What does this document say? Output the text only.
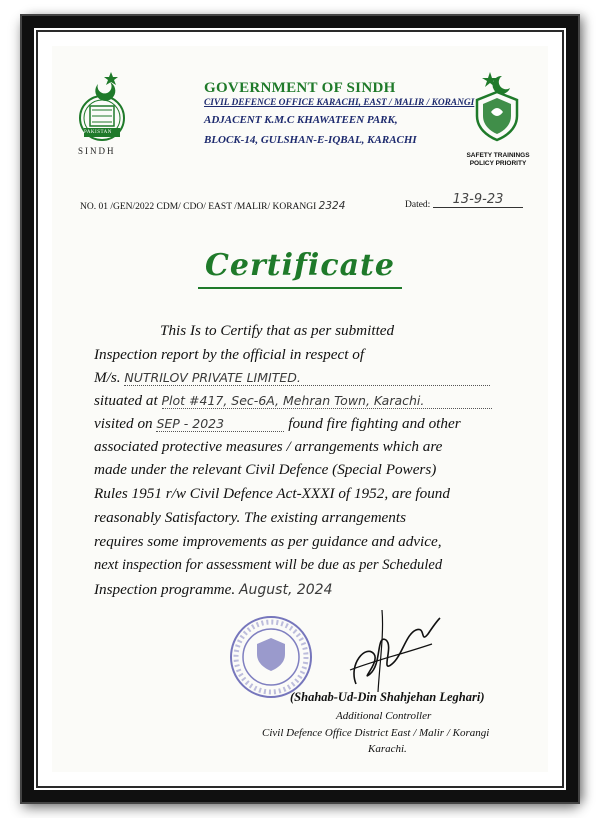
PAKISTAN
SINDH
GOVERNMENT OF SINDH
CIVIL DEFENCE OFFICE KARACHI, EAST / MALIR / KORANGI
ADJACENT K.M.C KHAWATEEN PARK,
BLOCK-14, GULSHAN-E-IQBAL, KARACHI
SAFETY TRAININGS
POLICY PRIORITY
NO. 01 /GEN/2022 CDM/ CDO/ EAST /MALIR/ KORANGI 2324	Dated:	13-9-23
Certificate
This Is to Certify that as per submitted
Inspection report by the official in respect of
M/s. NUTRILOV PRIVATE LIMITED.
situated at Plot #417, Sec-6A, Mehran Town, Karachi.
visited on SEP - 2023	found fire fighting and other
associated protective measures / arrangements which are
made under the relevant Civil Defence (Special Powers)
Rules 1951 r/w Civil Defence Act-XXXI of 1952, are found
reasonably Satisfactory. The existing arrangements
requires some improvements as per guidance and advice,
next inspection for assessment will be due as per Scheduled
Inspection programme. August, 2024
(Shahab-Ud-Din Shahjehan Leghari)
Additional Controller
Civil Defence Office District East / Malir / Korangi
Karachi.
